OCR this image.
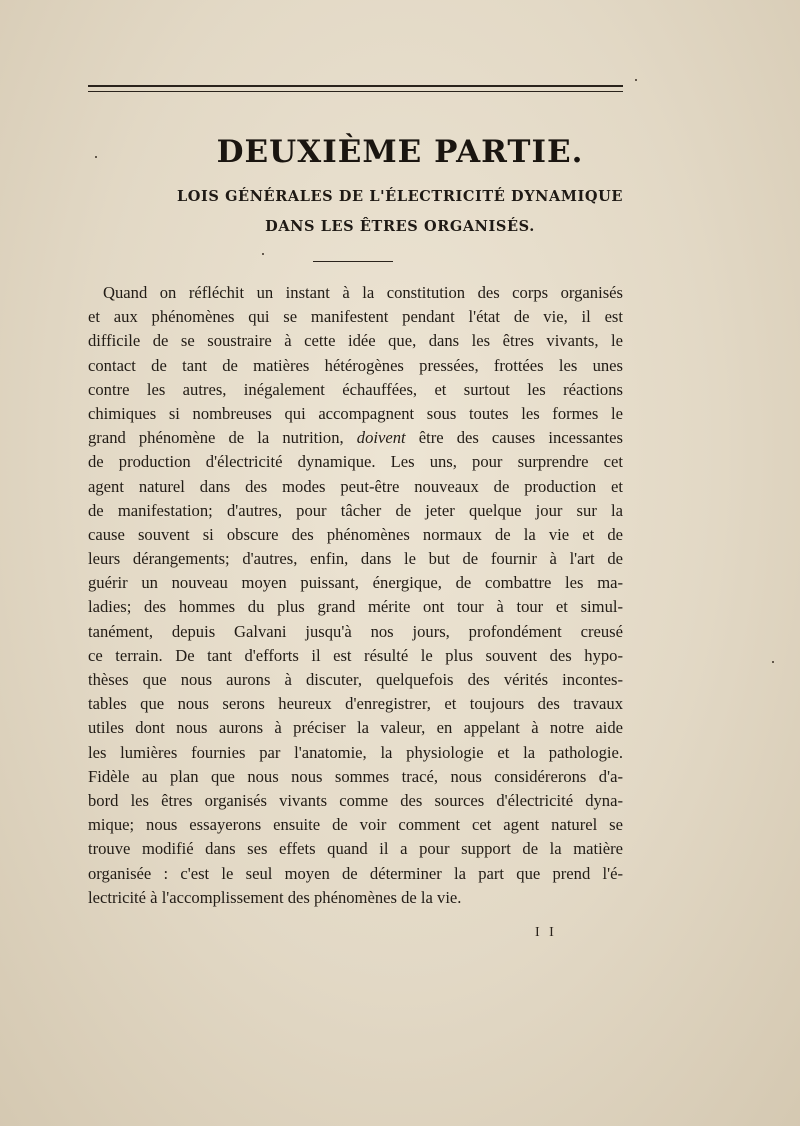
DEUXIÈME PARTIE.
LOIS GÉNÉRALES DE L'ÉLECTRICITÉ DYNAMIQUE
DANS LES ÊTRES ORGANISÉS.
Quand on réfléchit un instant à la constitution des corps organisés
et aux phénomènes qui se manifestent pendant l'état de vie, il est
difficile de se soustraire à cette idée que, dans les êtres vivants, le
contact de tant de matières hétérogènes pressées, frottées les unes
contre les autres, inégalement échauffées, et surtout les réactions
chimiques si nombreuses qui accompagnent sous toutes les formes le
grand phénomène de la nutrition, doivent être des causes incessantes
de production d'électricité dynamique. Les uns, pour surprendre cet
agent naturel dans des modes peut-être nouveaux de production et
de manifestation; d'autres, pour tâcher de jeter quelque jour sur la
cause souvent si obscure des phénomènes normaux de la vie et de
leurs dérangements; d'autres, enfin, dans le but de fournir à l'art de
guérir un nouveau moyen puissant, énergique, de combattre les ma-
ladies; des hommes du plus grand mérite ont tour à tour et simul-
tanément, depuis Galvani jusqu'à nos jours, profondément creusé
ce terrain. De tant d'efforts il est résulté le plus souvent des hypo-
thèses que nous aurons à discuter, quelquefois des vérités incontes-
tables que nous serons heureux d'enregistrer, et toujours des travaux
utiles dont nous aurons à préciser la valeur, en appelant à notre aide
les lumières fournies par l'anatomie, la physiologie et la pathologie.
Fidèle au plan que nous nous sommes tracé, nous considérerons d'a-
bord les êtres organisés vivants comme des sources d'électricité dyna-
mique; nous essayerons ensuite de voir comment cet agent naturel se
trouve modifié dans ses effets quand il a pour support de la matière
organisée : c'est le seul moyen de déterminer la part que prend l'é-
lectricité à l'accomplissement des phénomènes de la vie.
I I
